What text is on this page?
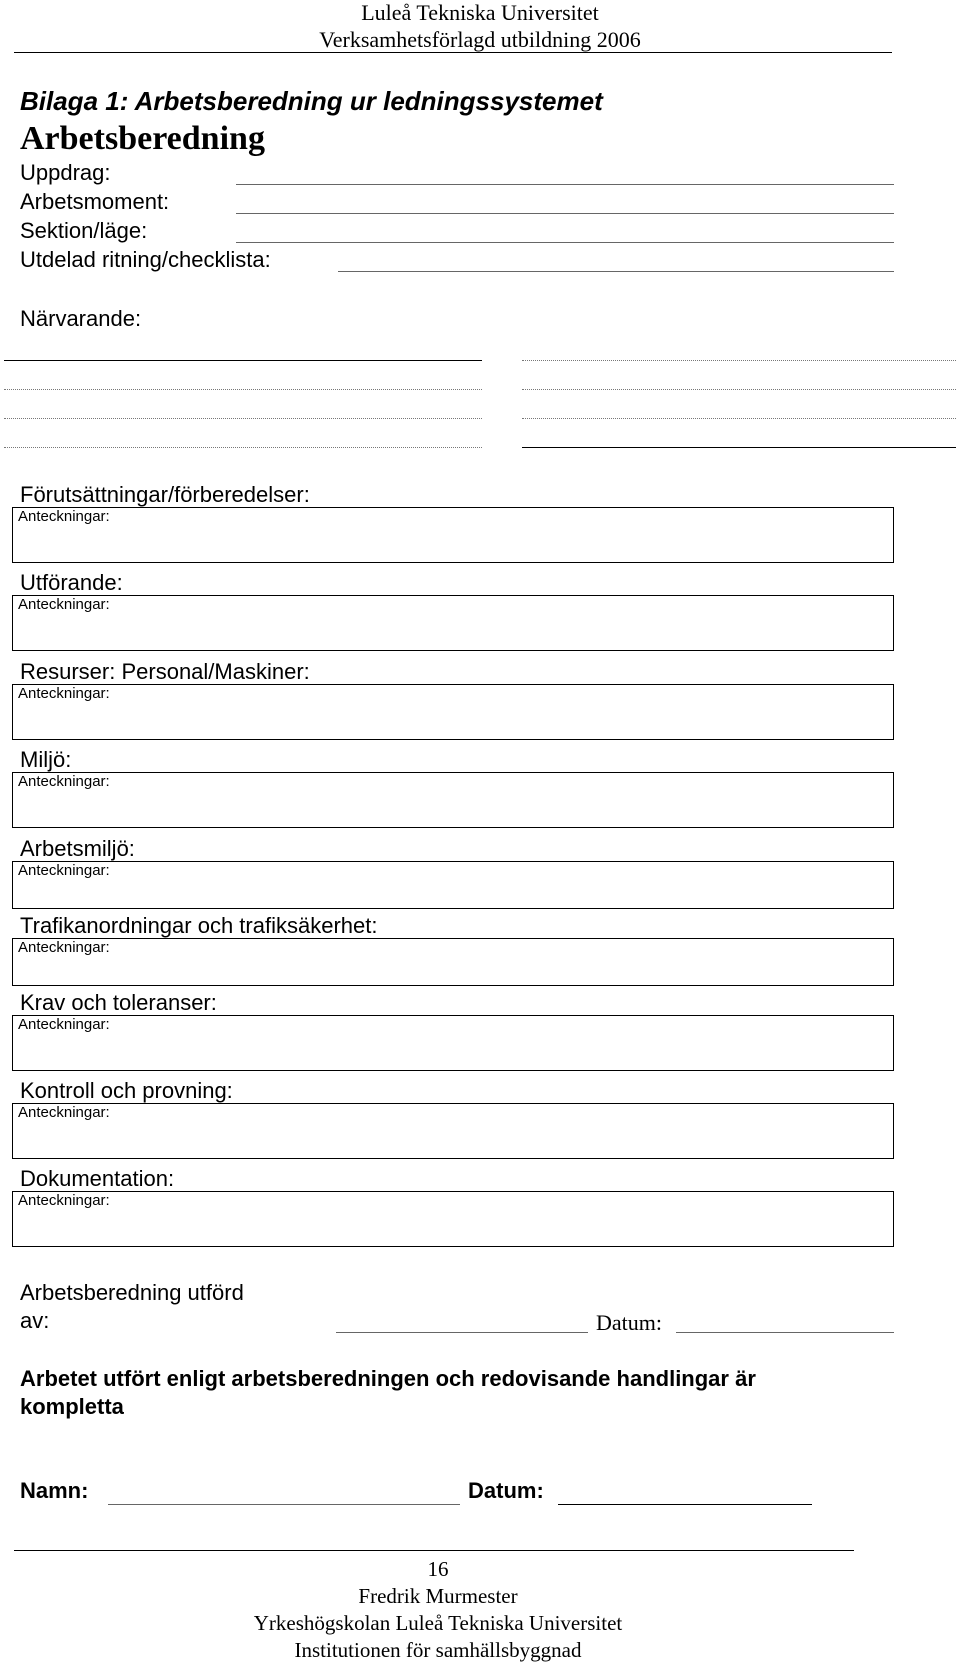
Luleå Tekniska Universitet
Verksamhetsförlagd utbildning 2006
Bilaga 1: Arbetsberedning ur ledningssystemet
Arbetsberedning
Uppdrag:
Arbetsmoment:
Sektion/läge:
Utdelad ritning/checklista:
Närvarande:
Förutsättningar/förberedelser:
Anteckningar:
Utförande:
Anteckningar:
Resurser: Personal/Maskiner:
Anteckningar:
Miljö:
Anteckningar:
Arbetsmiljö:
Anteckningar:
Trafikanordningar och trafiksäkerhet:
Anteckningar:
Krav och toleranser:
Anteckningar:
Kontroll och provning:
Anteckningar:
Dokumentation:
Anteckningar:
Arbetsberedning utförd
av:	Datum:
Arbetet utfört enligt arbetsberedningen och redovisande handlingar är
kompletta
Namn:	Datum:
16
Fredrik Murmester
Yrkeshögskolan Luleå Tekniska Universitet
Institutionen för samhällsbyggnad
